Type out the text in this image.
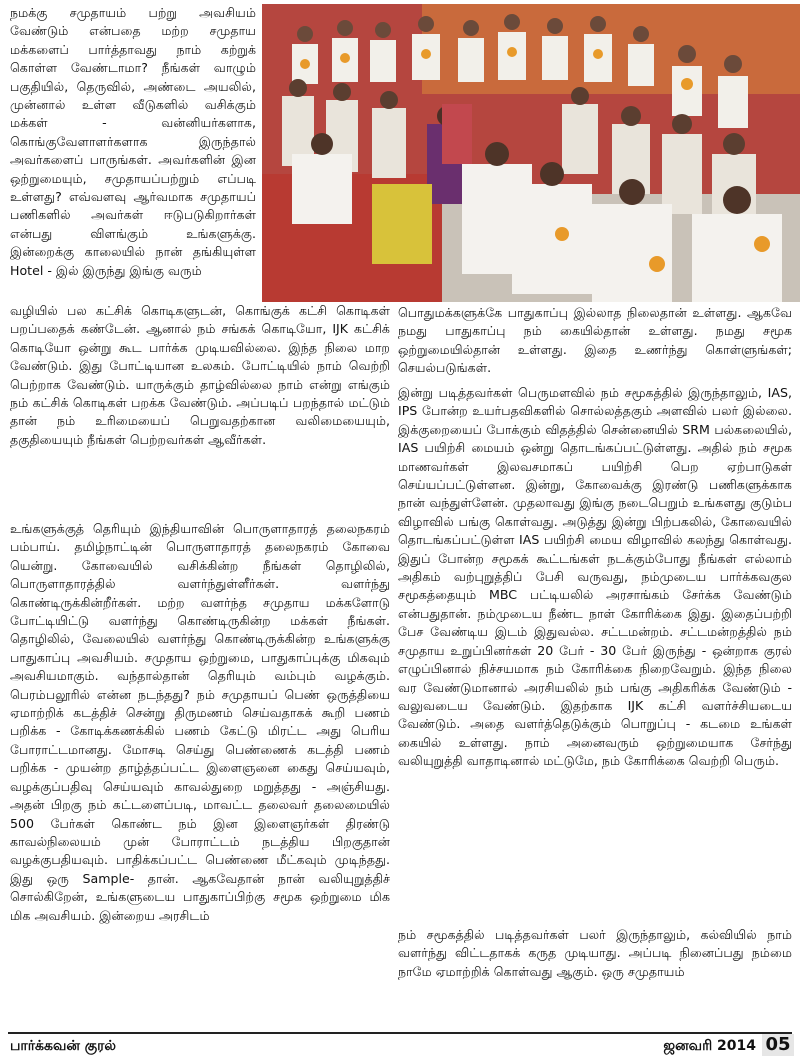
நமக்கு சமுதாயம் பற்று அவசியம் வேண்டும் என்பதை மற்ற சமுதாய மக்களைப் பார்த்தாவது நாம் கற்றுக் கொள்ள வேண்டாமா? நீங்கள் வாழும் பகுதியில், தெருவில், அண்டை அயலில், முன்னால் உள்ள வீடுகளில் வசிக்கும் மக்கள் - வன்னியர்களாக, கொங்குவேளாளர்களாக இருந்தால் அவர்களைப் பாருங்கள். அவர்களின் இன ஒற்றுமையும், சமுதாயப்பற்றும் எப்படி உள்ளது? எவ்வளவு ஆர்வமாக சமுதாயப் பணிகளில் அவர்கள் ஈடுபடுகிறார்கள் என்பது விளங்கும் உங்களுக்கு. இன்றைக்கு காலையில் நான் தங்கியுள்ள Hotel - இல் இருந்து இங்கு வரும்

வழியில் பல கட்சிக் கொடிகளுடன், கொங்குக் கட்சி கொடிகள் பறப்பதைக் கண்டேன். ஆனால் நம் சங்கக் கொடியோ, IJK கட்சிக் கொடியோ ஒன்று கூட பார்க்க முடியவில்லை. இந்த நிலை மாற வேண்டும். இது போட்டியான உலகம். போட்டியில் நாம் வெற்றி பெற்றாக வேண்டும். யாருக்கும் தாழ்வில்லை நாம் என்று எங்கும் நம் கட்சிக் கொடிகள் பறக்க வேண்டும். அப்படிப் பறந்தால் மட்டும் தான் நம் உரிமையைப் பெறுவதற்கான வலிமையையும், தகுதியையும் நீங்கள் பெற்றவர்கள் ஆவீர்கள்.

உங்களுக்குத் தெரியும் இந்தியாவின் பொருளாதாரத் தலைநகரம் பம்பாய். தமிழ்நாட்டின் பொருளாதாரத் தலைநகரம் கோவை யென்று. கோவையில் வசிக்கின்ற நீங்கள் தொழிலில், பொருளாதாரத்தில் வளர்ந்துள்ளீர்கள். வளர்ந்து கொண்டிருக்கின்றீர்கள். மற்ற வளர்ந்த சமுதாய மக்களோடு போட்டியிட்டு வளர்ந்து கொண்டிருகின்ற மக்கள் நீங்கள். தொழிலில், வேலையில் வளர்ந்து கொண்டிருக்கின்ற உங்களுக்கு பாதுகாப்பு அவசியம். சமுதாய ஒற்றுமை, பாதுகாப்புக்கு மிகவும் அவசியமாகும். வந்தால்தான் தெரியும் வம்பும் வழக்கும். பெரம்பலூரில் என்ன நடந்தது? நம் சமுதாயப் பெண் ஒருத்தியை ஏமாற்றிக் கடத்திச் சென்று திருமணம் செய்வதாகக் கூறி பணம் பறிக்க - கோடிக்கணக்கில் பணம் கேட்டு மிரட்ட அது பெரிய போராட்டமானது. மோசடி செய்து பெண்ணைக் கடத்தி பணம் பறிக்க - முயன்ற தாழ்த்தப்பட்ட இளைஞனை கைது செய்யவும், வழக்குப்பதிவு செய்யவும் காவல்துறை மறுத்தது - அஞ்சியது. அதன் பிறகு நம் கட்டளைப்படி, மாவட்ட தலைவர் தலைமையில் 500 பேர்கள் கொண்ட நம் இன இளைஞர்கள் திரண்டு காவல்நிலையம் முன் போராட்டம் நடத்திய பிறகுதான் வழக்குபதியவும். பாதிக்கப்பட்ட பெண்ணை மீட்கவும் முடிந்தது. இது ஒரு Sample- தான். ஆகவேதான் நான் வலியுறுத்திச் சொல்கிறேன், உங்களுடைய பாதுகாப்பிற்கு சமூக ஒற்றுமை மிக மிக அவசியம். இன்றைய அரசிடம்

பொதுமக்களுக்கே பாதுகாப்பு இல்லாத நிலைதான் உள்ளது. ஆகவே நமது பாதுகாப்பு நம் கையில்தான் உள்ளது. நமது சமூக ஒற்றுமையில்தான் உள்ளது. இதை உணர்ந்து கொள்ளுங்கள்; செயல்படுங்கள்.

இன்று படித்தவர்கள் பெருமளவில் நம் சமூகத்தில் இருந்தாலும், IAS, IPS போன்ற உயர்பதவிகளில் சொல்லத்தகும் அளவில் பலர் இல்லை. இக்குறையைப் போக்கும் விதத்தில் சென்னையில் SRM பல்கலையில், IAS பயிற்சி மையம் ஒன்று தொடங்கப்பட்டுள்ளது. அதில் நம் சமூக மாணவர்கள் இலவசமாகப் பயிற்சி பெற ஏற்பாடுகள் செய்யப்பட்டுள்ளன. இன்று, கோவைக்கு இரண்டு பணிகளுக்காக நான் வந்துள்ளேன். முதலாவது இங்கு நடைபெறும் உங்களது குடும்ப விழாவில் பங்கு கொள்வது. அடுத்து இன்று பிற்பகலில், கோவையில் தொடங்கப்பட்டுள்ள IAS பயிற்சி மைய விழாவில் கலந்து கொள்வது. இதுப் போன்ற சமூகக் கூட்டங்கள் நடக்கும்போது நீங்கள் எல்லாம் அதிகம் வற்புறுத்திப் பேசி வருவது, நம்முடைய பார்க்கவகுல சமூகத்தையும் MBC பட்டியலில் அரசாங்கம் சேர்க்க வேண்டும் என்பதுதான். நம்முடைய நீண்ட நாள் கோரிக்கை இது. இதைப்பற்றி பேச வேண்டிய இடம் இதுவல்ல. சட்டமன்றம். சட்டமன்றத்தில் நம் சமுதாய உறுப்பினர்கள் 20 பேர் - 30 பேர் இருந்து - ஒன்றாக குரல் எழுப்பினால் நிச்சயமாக நம் கோரிக்கை நிறைவேறும். இந்த நிலை வர வேண்டுமானால் அரசியலில் நம் பங்கு அதிகரிக்க வேண்டும் - வலுவடைய வேண்டும். இதற்காக IJK கட்சி வளர்ச்சியடைய வேண்டும். அதை வளர்த்தெடுக்கும் பொறுப்பு - கடமை உங்கள் கையில் உள்ளது. நாம் அனைவரும் ஒற்றுமையாக சேர்ந்து வலியுறுத்தி வாதாடினால் மட்டுமே, நம் கோரிக்கை வெற்றி பெரும்.

நம் சமூகத்தில் படித்தவர்கள் பலர் இருந்தாலும், கல்வியில் நாம் வளர்ந்து விட்டதாகக் கருத முடியாது. அப்படி நினைப்பது நம்மை நாமே ஏமாற்றிக் கொள்வது ஆகும். ஒரு சமுதாயம்

பார்க்கவன் குரல்	ஜனவரி 2014 05
